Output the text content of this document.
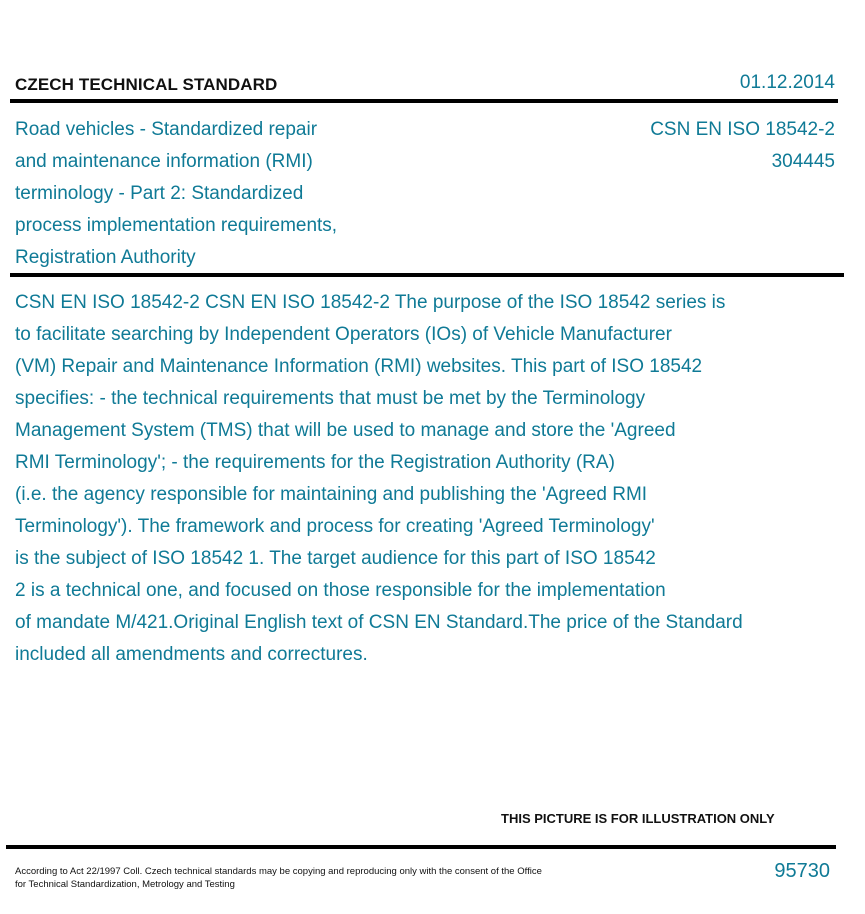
CZECH TECHNICAL STANDARD	01.12.2014
Road vehicles - Standardized repair
and maintenance information (RMI)
terminology - Part 2: Standardized
process implementation requirements,
Registration Authority
CSN EN ISO 18542-2
304445
CSN EN ISO 18542-2 CSN EN ISO 18542-2 The purpose of the ISO 18542 series is
to facilitate searching by Independent Operators (IOs) of Vehicle Manufacturer
(VM) Repair and Maintenance Information (RMI) websites. This part of ISO 18542
specifies: - the technical requirements that must be met by the Terminology
Management System (TMS) that will be used to manage and store the 'Agreed
RMI Terminology'; - the requirements for the Registration Authority (RA)
(i.e. the agency responsible for maintaining and publishing the 'Agreed RMI
Terminology'). The framework and process for creating 'Agreed Terminology'
is the subject of ISO 18542 1. The target audience for this part of ISO 18542
2 is a technical one, and focused on those responsible for the implementation
of mandate M/421.Original English text of CSN EN Standard.The price of the Standard
included all amendments and correctures.
THIS PICTURE IS FOR ILLUSTRATION ONLY
According to Act 22/1997 Coll. Czech technical standards may be copying and reproducing only with the consent of the Office
for Technical Standardization, Metrology and Testing
95730
